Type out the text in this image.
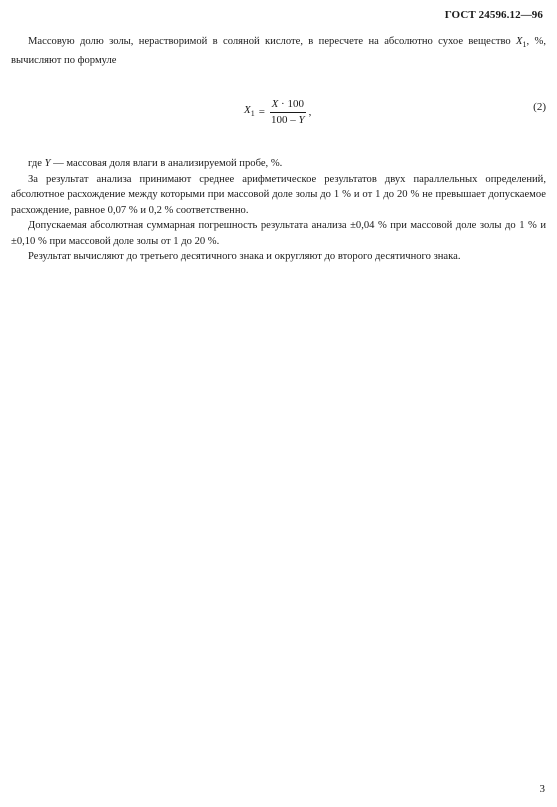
ГОСТ 24596.12—96

Массовую долю золы, нерастворимой в соляной кислоте, в пересчете на абсолютно сухое вещество $X_1$, %, вычисляют по формуле

$X_1 = \frac{X \cdot 100}{100 - Y}$ ,	(2)

где Y — массовая доля влаги в анализируемой пробе, %.

За результат анализа принимают среднее арифметическое результатов двух параллельных определений, абсолютное расхождение между которыми при массовой доле золы до 1 % и от 1 до 20 % не превышает допускаемое расхождение, равное 0,07 % и 0,2 % соответственно.

Допускаемая абсолютная суммарная погрешность результата анализа ±0,04 % при массовой доле золы до 1 % и ±0,10 % при массовой доле золы от 1 до 20 %.

Результат вычисляют до третьего десятичного знака и округляют до второго десятичного знака.

3
